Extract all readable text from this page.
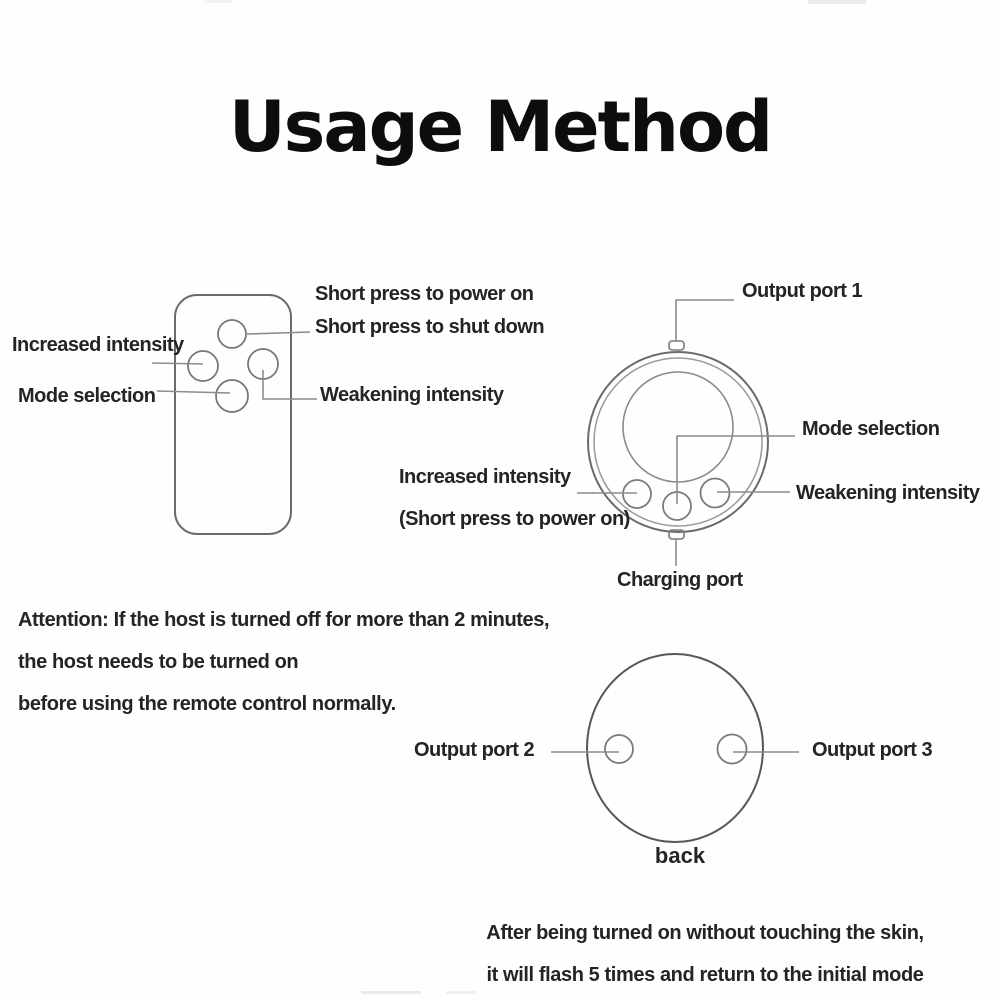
Usage Method
Short press to power on
Short press to shut down
Increased intensity
Mode selection	Weakening intensity
Output port 1
Mode selection
Weakening intensity
Increased intensity
(Short press to power on)
Charging port
Attention: If the host is turned off for more than 2 minutes,
the host needs to be turned on
before using the remote control normally.
Output port 2	Output port 3
back
After being turned on without touching the skin,
it will flash 5 times and return to the initial mode
